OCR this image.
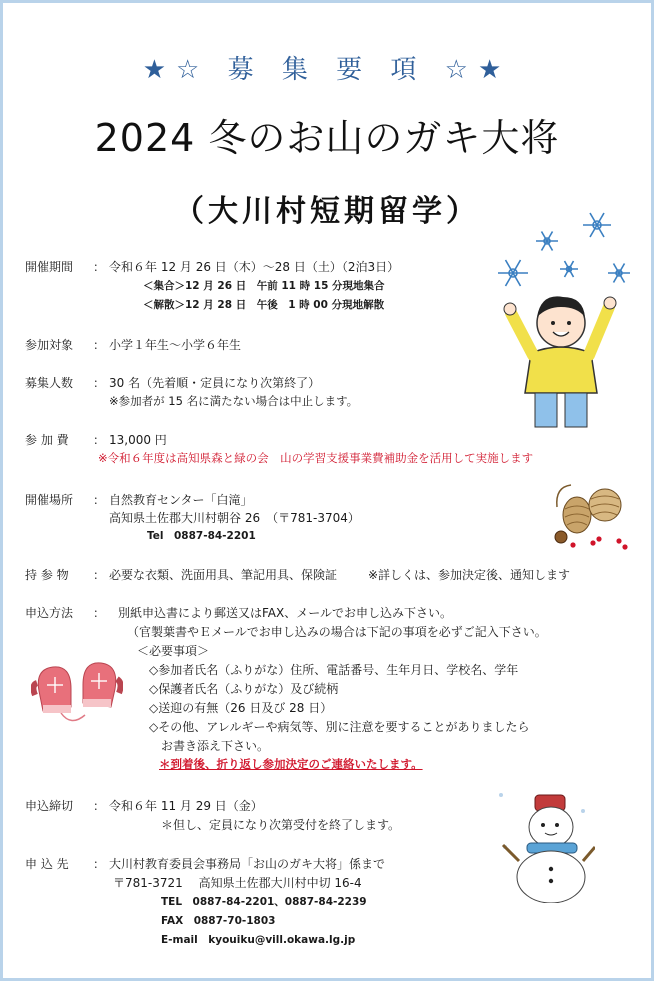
★☆ 募 集 要 項 ☆★
2024 冬のお山のガキ大将
（大川村短期留学）
開催期間 ： 令和６年 12 月 26 日（木）～28 日（土）（2泊3日）
＜集合＞12 月 26 日　午前 11 時 15 分現地集合
＜解散＞12 月 28 日　午後　1 時 00 分現地解散
参加対象 ： 小学１年生～小学６年生
募集人数 ： 30 名（先着順・定員になり次第終了）
※参加者が 15 名に満たない場合は中止します。
参 加 費 ： 13,000 円
※令和６年度は高知県森と緑の会　山の学習支援事業費補助金を活用して実施します
開催場所 ： 自然教育センター「白滝」
高知県土佐郡大川村朝谷 26　（〒781-3704）
Tel　0887-84-2201
持 参 物 ： 必要な衣類、洗面用具、筆記用具、保険証	※詳しくは、参加決定後、通知します
申込方法 ： 別紙申込書により郵送又はFAX、メールでお申し込み下さい。
（官製葉書やＥメールでお申し込みの場合は下記の事項を必ずご記入下さい。
＜必要事項＞
◇参加者氏名（ふりがな）住所、電話番号、生年月日、学校名、学年
◇保護者氏名（ふりがな）及び続柄
◇送迎の有無（26 日及び 28 日）
◇その他、アレルギーや病気等、別に注意を要することがありましたら
　お書き添え下さい。
＊到着後、折り返し参加決定のご連絡いたします。
申込締切 ： 令和６年 11 月 29 日（金）
＊但し、定員になり次第受付を終了します。
申 込 先 ： 大川村教育委員会事務局「お山のガキ大将」係まで
〒781-3721　 高知県土佐郡大川村中切 16-4
TEL　0887-84-2201、0887-84-2239
FAX　0887-70-1803
E-mail　kyouiku@vill.okawa.lg.jp
